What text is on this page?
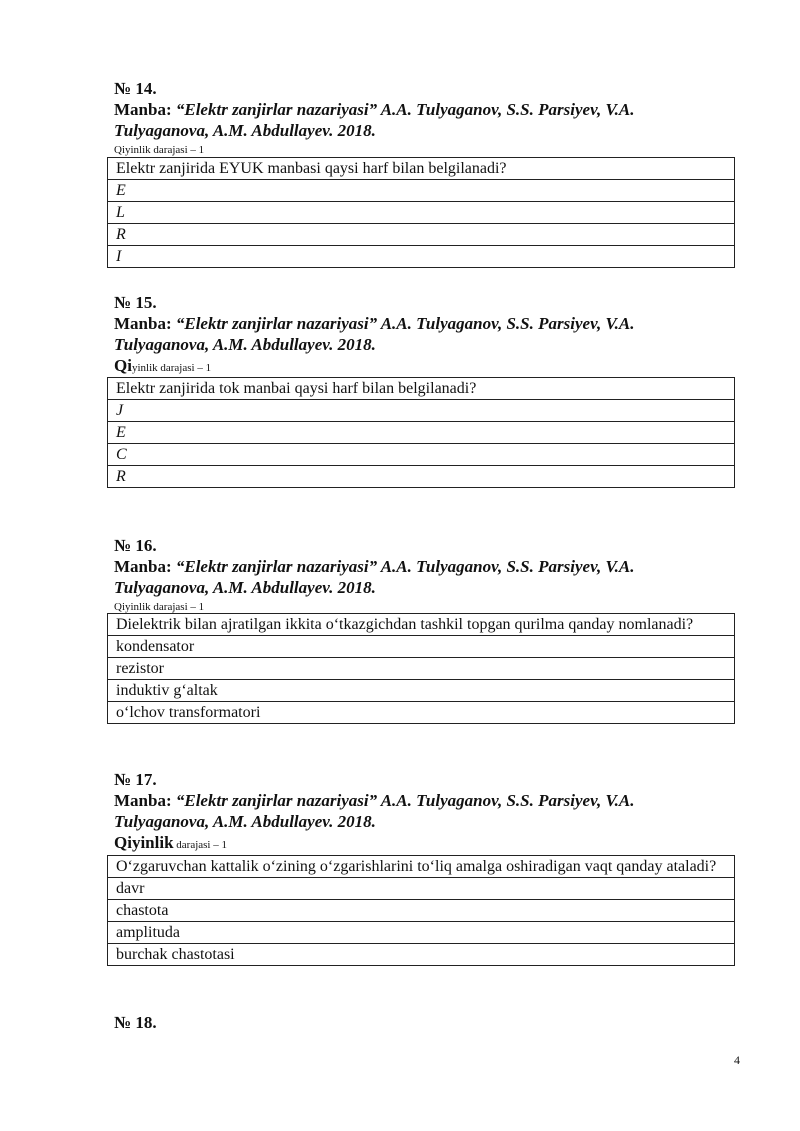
№ 14.
Manba: “Elektr zanjirlar nazariyasi” A.A. Tulyaganov, S.S. Parsiyev, V.A. Tulyaganova, A.M. Abdullayev. 2018.
Qiyinlik darajasi – 1
Elektr zanjirida EYUK manbasi qaysi harf bilan belgilanadi?
E
L
R
I
№ 15.
Manba: “Elektr zanjirlar nazariyasi” A.A. Tulyaganov, S.S. Parsiyev, V.A. Tulyaganova, A.M. Abdullayev. 2018.
Qiyinlik darajasi – 1
Elektr zanjirida tok manbai qaysi harf bilan belgilanadi?
J
E
C
R
№ 16.
Manba: “Elektr zanjirlar nazariyasi” A.A. Tulyaganov, S.S. Parsiyev, V.A. Tulyaganova, A.M. Abdullayev. 2018.
Qiyinlik darajasi – 1
Dielektrik bilan ajratilgan ikkita o‘tkazgichdan tashkil topgan qurilma qanday nomlanadi?
kondensator
rezistor
induktiv g‘altak
o‘lchov transformatori
№ 17.
Manba: “Elektr zanjirlar nazariyasi” A.A. Tulyaganov, S.S. Parsiyev, V.A. Tulyaganova, A.M. Abdullayev. 2018.
Qiyinlik darajasi – 1
O‘zgaruvchan kattalik o‘zining o‘zgarishlarini to‘liq amalga oshiradigan vaqt qanday ataladi?
davr
chastota
amplituda
burchak chastotasi
№ 18.
4
